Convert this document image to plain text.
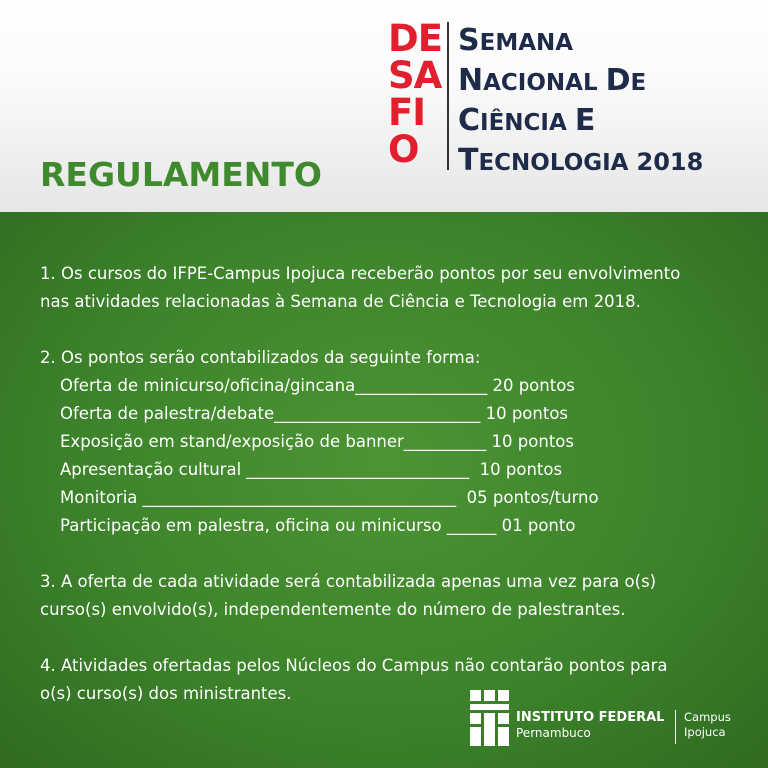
REGULAMENTO
DE
SA
FI
O
SEMANA
NACIONAL DE
CIÊNCIA E
TECNOLOGIA 2018
1. Os cursos do IFPE-Campus Ipojuca receberão pontos por seu envolvimento
nas atividades relacionadas à Semana de Ciência e Tecnologia em 2018.
2. Os pontos serão contabilizados da seguinte forma:
Oferta de minicurso/oficina/gincana________________ 20 pontos
Oferta de palestra/debate_________________________ 10 pontos
Exposição em stand/exposição de banner__________ 10 pontos
Apresentação cultural ___________________________  10 pontos
Monitoria ______________________________________  05 pontos/turno
Participação em palestra, oficina ou minicurso ______ 01 ponto
3. A oferta de cada atividade será contabilizada apenas uma vez para o(s)
curso(s) envolvido(s), independentemente do número de palestrantes.
4. Atividades ofertadas pelos Núcleos do Campus não contarão pontos para
o(s) curso(s) dos ministrantes.
INSTITUTO FEDERAL
Pernambuco
Campus
Ipojuca
